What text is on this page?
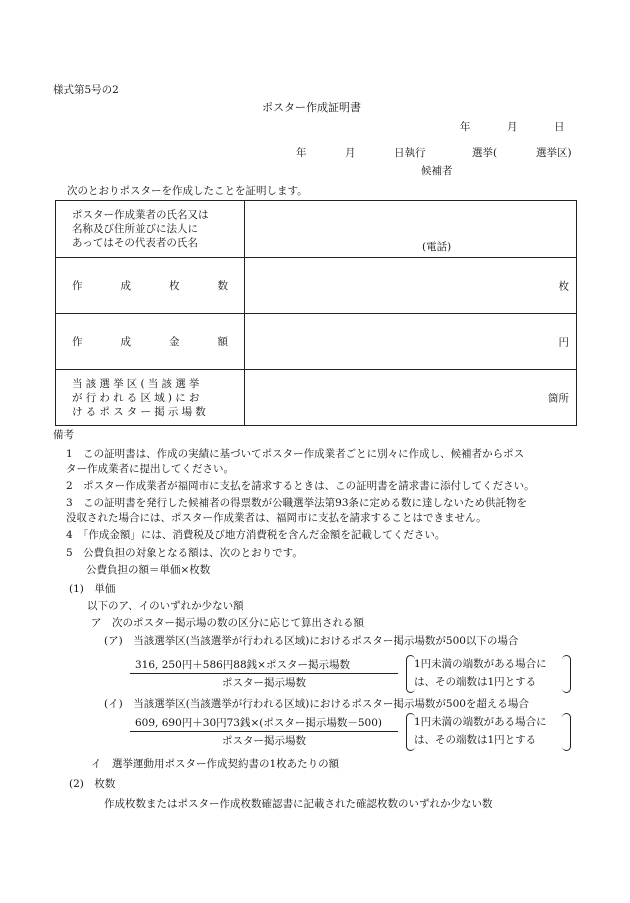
様式第5号の2
ポスター作成証明書
年	月	日
年	月	日執行	選挙(	選挙区)
候補者
次のとおりポスターを作成したことを証明します。
ポスター作成業者の氏名又は
名称及び住所並びに法人に
あってはその代表者の氏名	(電話)

作 成 枚 数	枚

作 成 金 額	円

当該選挙区(当該選挙
が行われる区域)にお
けるポスター掲示場数	箇所
備考
1　この証明書は、作成の実績に基づいてポスター作成業者ごとに別々に作成し、候補者からポス
ター作成業者に提出してください。
2　ポスター作成業者が福岡市に支払を請求するときは、この証明書を請求書に添付してください。
3　この証明書を発行した候補者の得票数が公職選挙法第93条に定める数に達しないため供託物を
没収された場合には、ポスター作成業者は、福岡市に支払を請求することはできません。
4　「作成金額」には、消費税及び地方消費税を含んだ金額を記載してください。
5　公費負担の対象となる額は、次のとおりです。
公費負担の額＝単価×枚数
(1)　単価
以下のア、イのいずれか少ない額
ア　次のポスター掲示場の数の区分に応じて算出される額
(ア)　当該選挙区(当該選挙が行われる区域)におけるポスター掲示場数が500以下の場合
316, 250円＋586円88銭×ポスター掲示場数
ポスター掲示場数
1円未満の端数がある場合に
は、その端数は1円とする
(イ)　当該選挙区(当該選挙が行われる区域)におけるポスター掲示場数が500を超える場合
609, 690円＋30円73銭×(ポスター掲示場数－500)
ポスター掲示場数
1円未満の端数がある場合に
は、その端数は1円とする
イ　選挙運動用ポスター作成契約書の1枚あたりの額
(2)　枚数
作成枚数またはポスター作成枚数確認書に記載された確認枚数のいずれか少ない数
